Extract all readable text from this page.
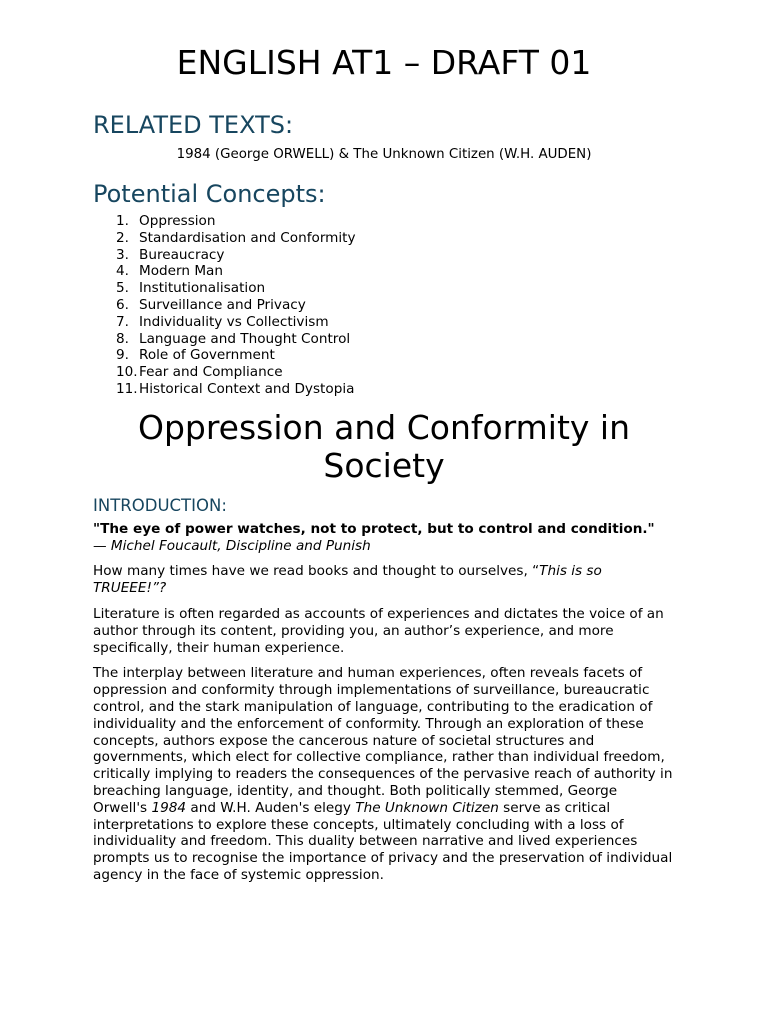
ENGLISH AT1 – DRAFT 01
RELATED TEXTS:

1984 (George ORWELL) & The Unknown Citizen (W.H. AUDEN)

Potential Concepts:
1. Oppression
2. Standardisation and Conformity
3. Bureaucracy
4. Modern Man
5. Institutionalisation
6. Surveillance and Privacy
7. Individuality vs Collectivism
8. Language and Thought Control
9. Role of Government
10. Fear and Compliance
11. Historical Context and Dystopia
Oppression and Conformity in Society
INTRODUCTION:

"The eye of power watches, not to protect, but to control and condition."

— Michel Foucault, Discipline and Punish

How many times have we read books and thought to ourselves, “This is so TRUEEE!”?

Literature is often regarded as accounts of experiences and dictates the voice of an author through its content, providing you, an author’s experience, and more specifically, their human experience.

The interplay between literature and human experiences, often reveals facets of oppression and conformity through implementations of surveillance, bureaucratic control, and the stark manipulation of language, contributing to the eradication of individuality and the enforcement of conformity. Through an exploration of these concepts, authors expose the cancerous nature of societal structures and governments, which elect for collective compliance, rather than individual freedom, critically implying to readers the consequences of the pervasive reach of authority in breaching language, identity, and thought. Both politically stemmed, George Orwell's 1984 and W.H. Auden's elegy The Unknown Citizen serve as critical interpretations to explore these concepts, ultimately concluding with a loss of individuality and freedom. This duality between narrative and lived experiences prompts us to recognise the importance of privacy and the preservation of individual agency in the face of systemic oppression.
